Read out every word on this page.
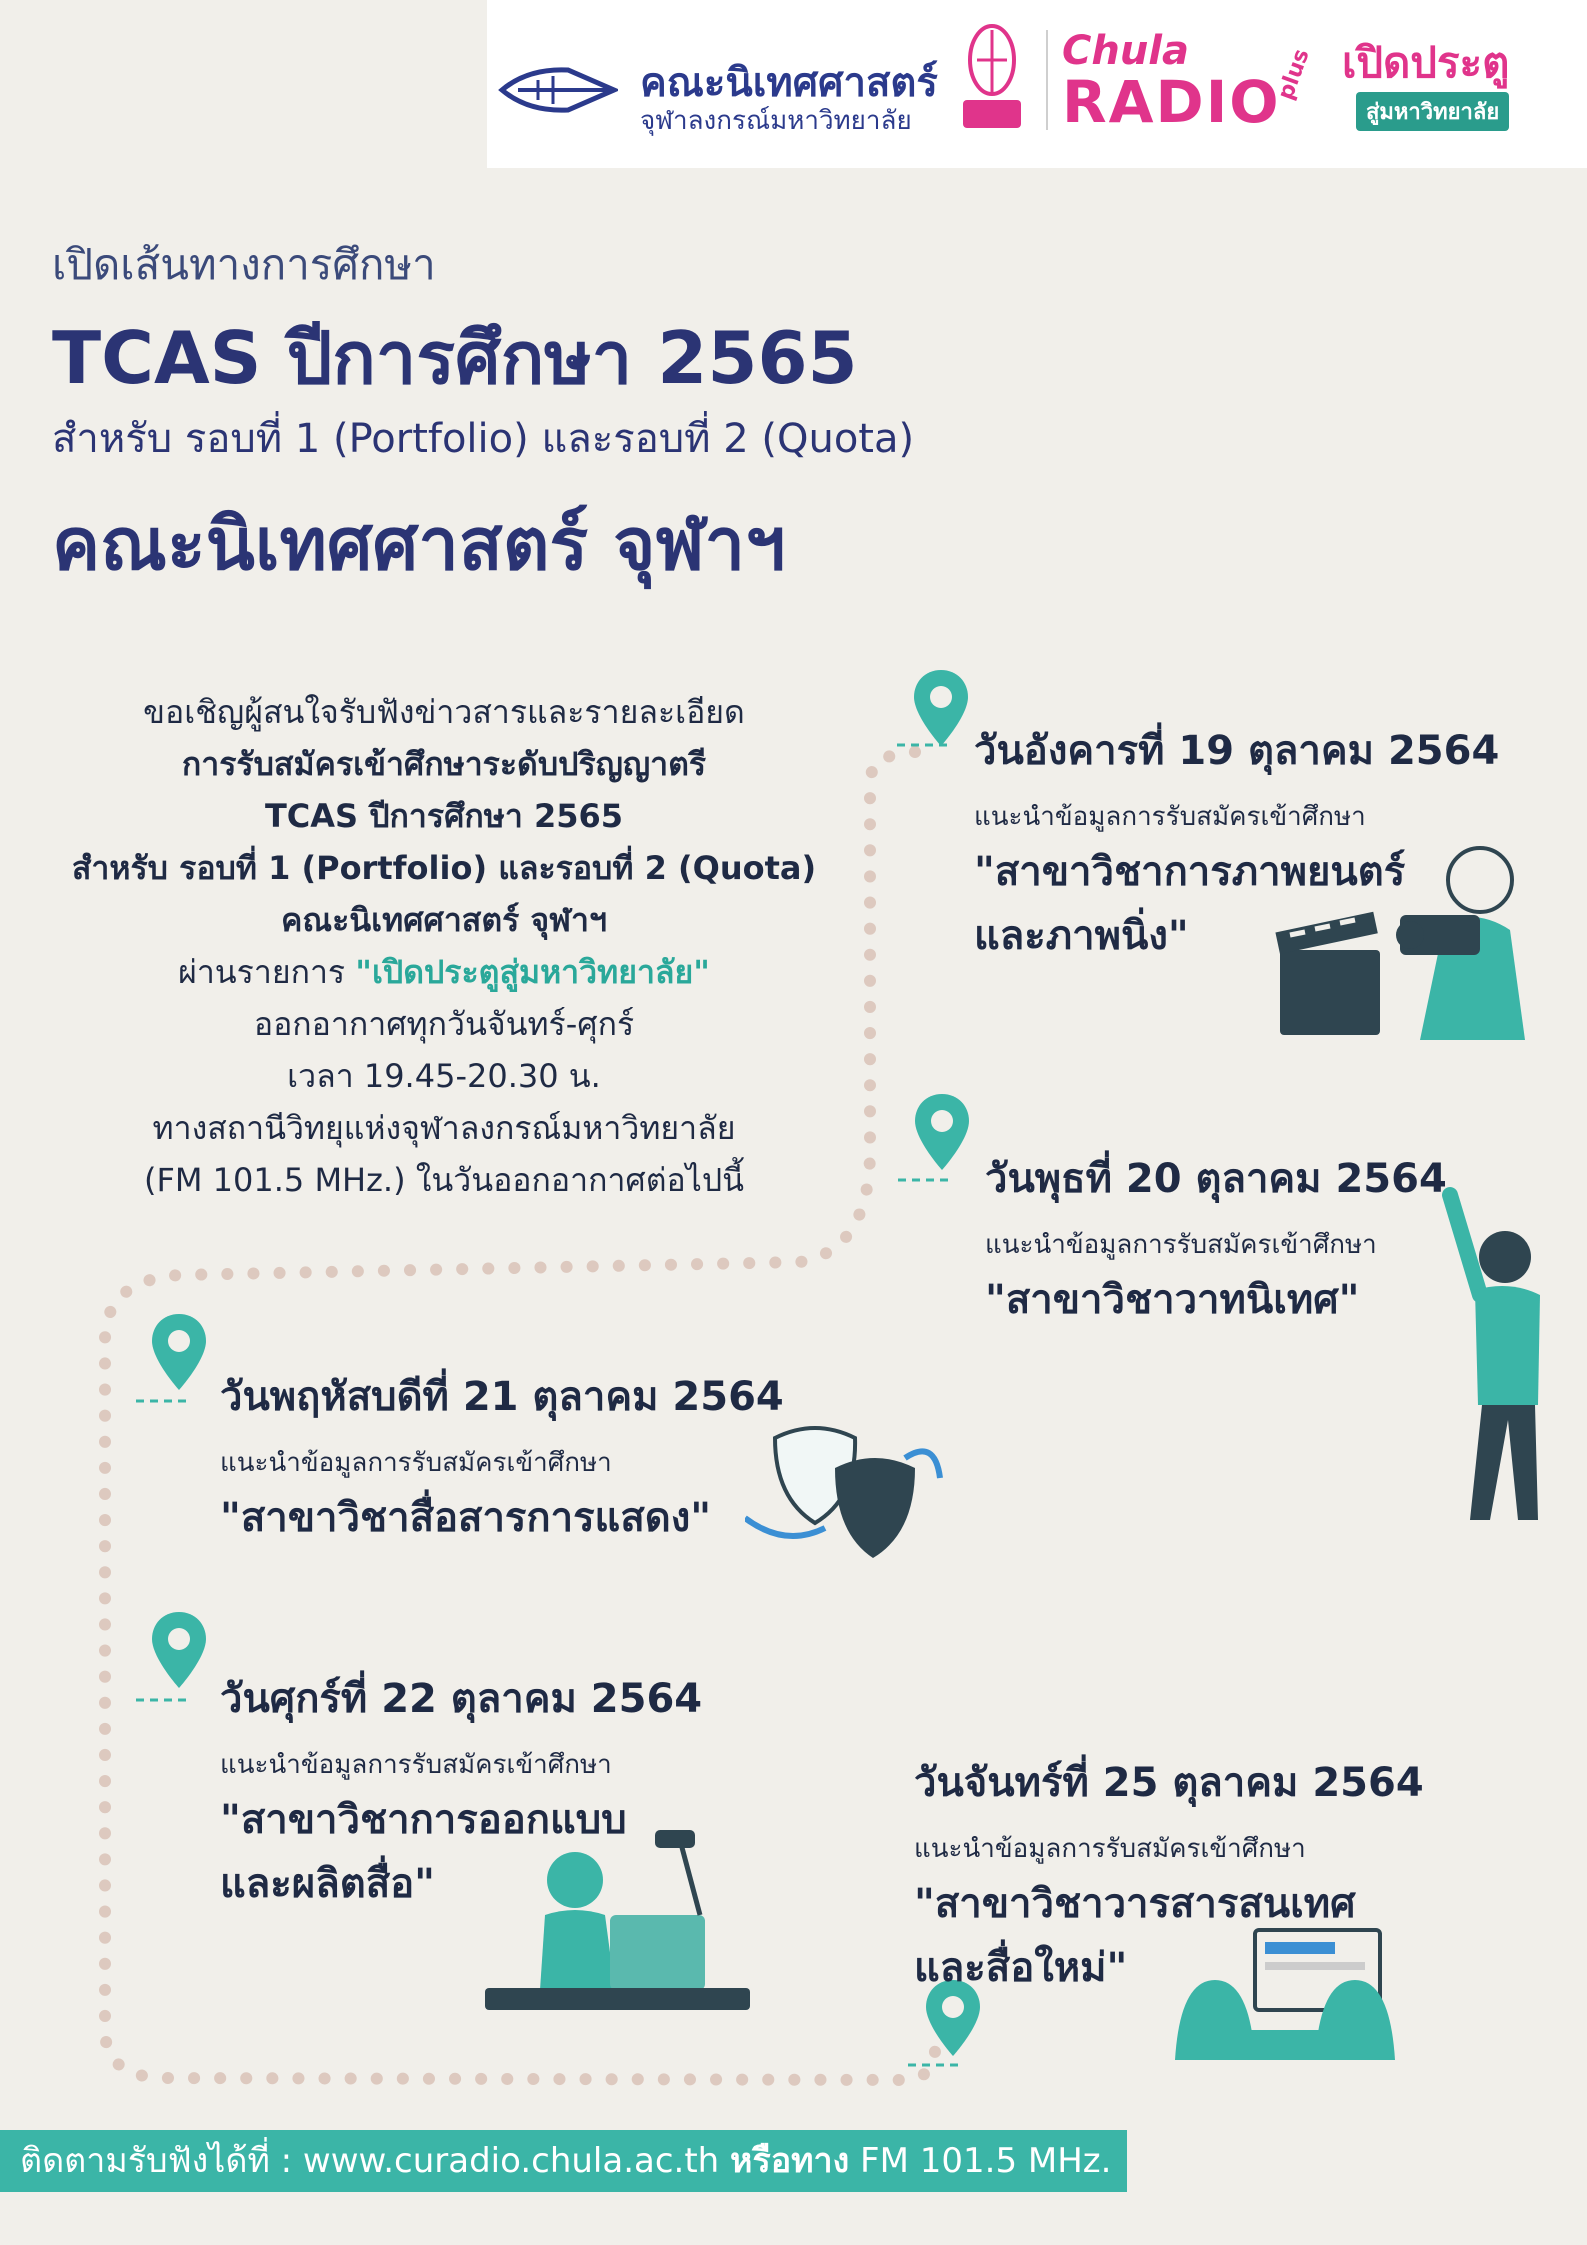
คณะนิเทศศาสตร์
จุฬาลงกรณ์มหาวิทยาลัย
Chula
RADIO
plus เปิดประตู
สู่มหาวิทยาลัย
เปิดเส้นทางการศึกษา
TCAS ปีการศึกษา 2565
สำหรับ รอบที่ 1 (Portfolio) และรอบที่ 2 (Quota)
คณะนิเทศศาสตร์ จุฬาฯ
ขอเชิญผู้สนใจรับฟังข่าวสารและรายละเอียด
การรับสมัครเข้าศึกษาระดับปริญญาตรี
TCAS ปีการศึกษา 2565
สำหรับ รอบที่ 1 (Portfolio) และรอบที่ 2 (Quota)
คณะนิเทศศาสตร์ จุฬาฯ
ผ่านรายการ "เปิดประตูสู่มหาวิทยาลัย"
ออกอากาศทุกวันจันทร์-ศุกร์
เวลา 19.45-20.30 น.
ทางสถานีวิทยุแห่งจุฬาลงกรณ์มหาวิทยาลัย
(FM 101.5 MHz.) ในวันออกอากาศต่อไปนี้
วันอังคารที่ 19 ตุลาคม 2564
แนะนำข้อมูลการรับสมัครเข้าศึกษา
"สาขาวิชาการภาพยนตร์
และภาพนิ่ง"
วันพุธที่ 20 ตุลาคม 2564
แนะนำข้อมูลการรับสมัครเข้าศึกษา
"สาขาวิชาวาทนิเทศ"
วันพฤหัสบดีที่ 21 ตุลาคม 2564
แนะนำข้อมูลการรับสมัครเข้าศึกษา
"สาขาวิชาสื่อสารการแสดง"
วันศุกร์ที่ 22 ตุลาคม 2564
แนะนำข้อมูลการรับสมัครเข้าศึกษา
"สาขาวิชาการออกแบบ
และผลิตสื่อ"
วันจันทร์ที่ 25 ตุลาคม 2564
แนะนำข้อมูลการรับสมัครเข้าศึกษา
"สาขาวิชาวารสารสนเทศ
และสื่อใหม่"
ติดตามรับฟังได้ที่ : www.curadio.chula.ac.th หรือทาง FM 101.5 MHz.
